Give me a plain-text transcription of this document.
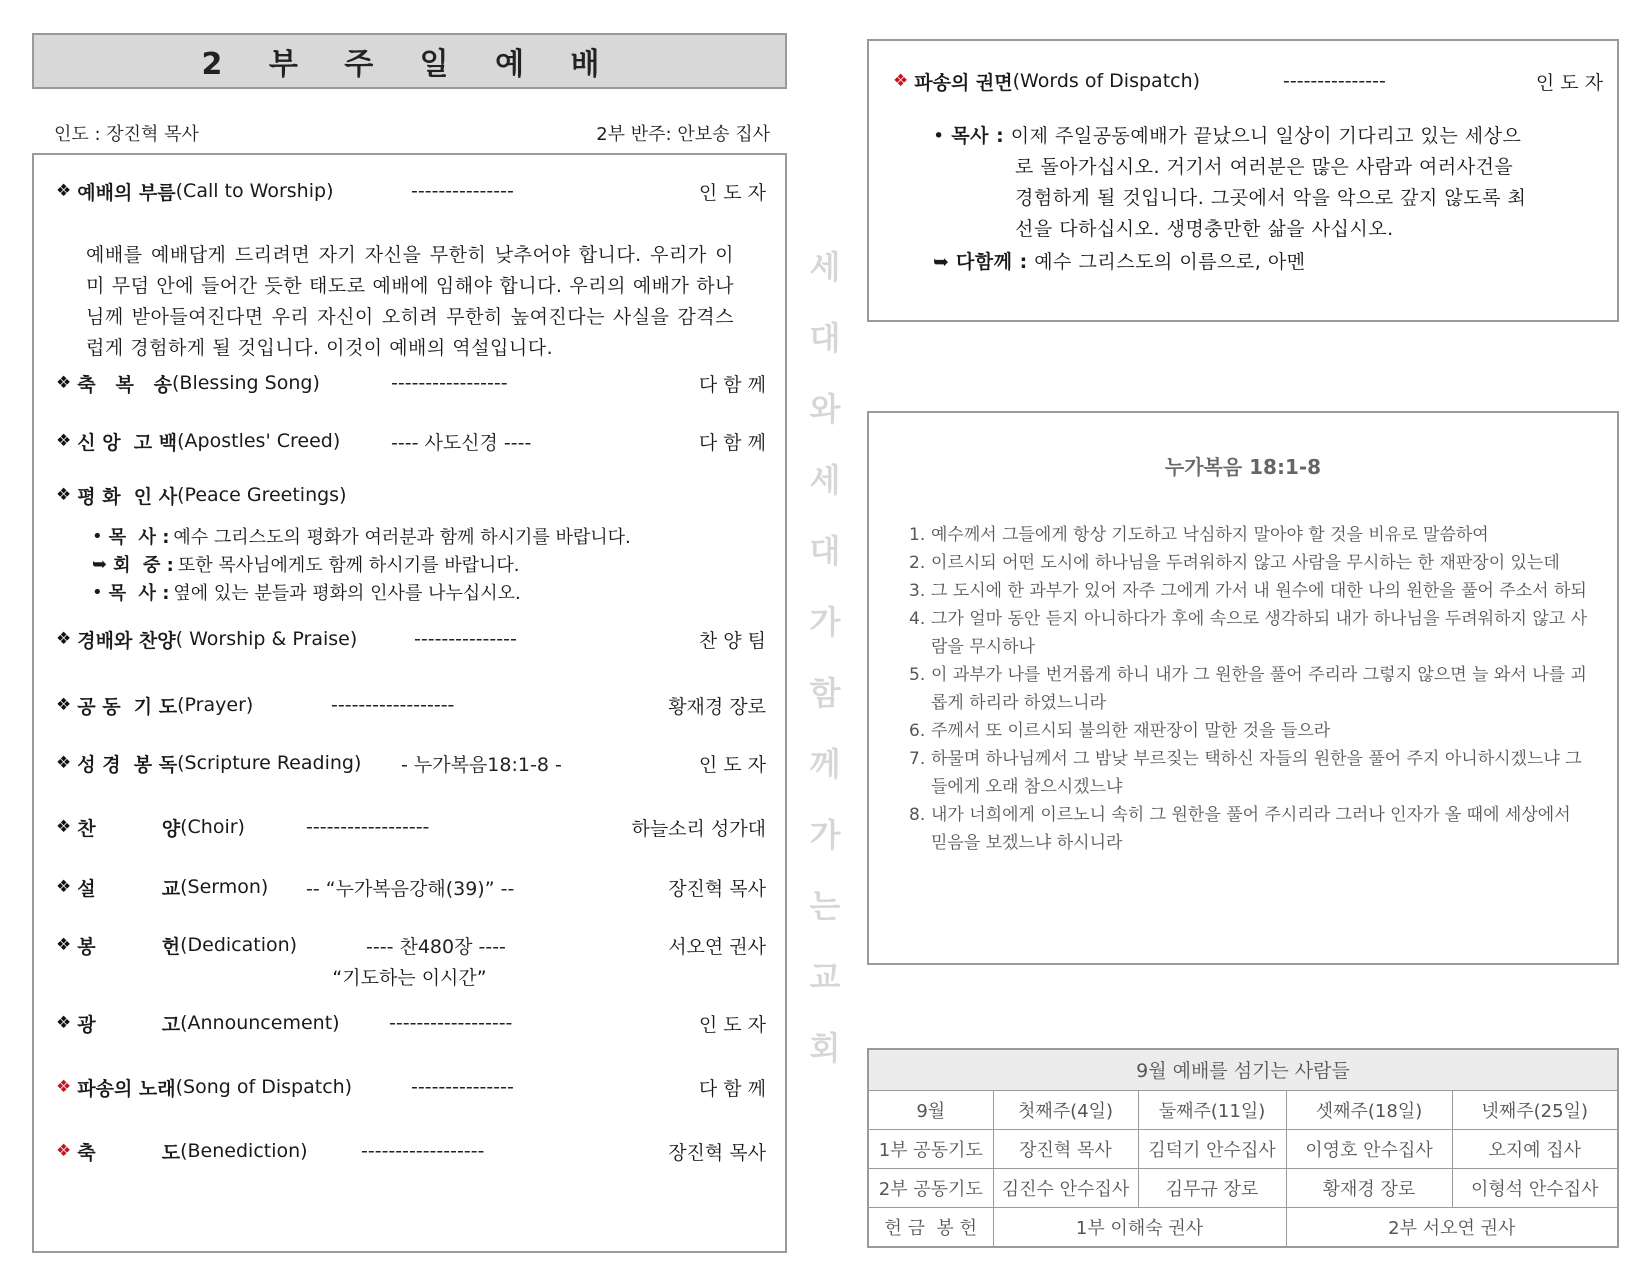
2 부 주 일 예 배
인도 : 장진혁 목사	2부 반주: 안보송 집사
❖ 예배의 부름 (Call to Worship)	---------------	인 도 자
예배를 예배답게 드리려면 자기 자신을 무한히 낮추어야 합니다. 우리가 이미 무덤 안에 들어간 듯한 태도로 예배에 임해야 합니다. 우리의 예배가 하나님께 받아들여진다면 우리 자신이 오히려 무한히 높여진다는 사실을 감격스럽게 경험하게 될 것입니다. 이것이 예배의 역설입니다.
❖ 축   복   송 (Blessing Song)	-----------------	다 함 께
❖ 신 앙  고 백 (Apostles' Creed)	---- 사도신경 ----	다 함 께
❖ 평 화  인 사 (Peace Greetings)
• 목  사 : 예수 그리스도의 평화가 여러분과 함께 하시기를 바랍니다.
➥ 회  중 : 또한 목사님에게도 함께 하시기를 바랍니다.
• 목  사 : 옆에 있는 분들과 평화의 인사를 나누십시오.
❖ 경배와 찬양 ( Worship & Praise)	---------------	찬 양 팀
❖ 공 동  기 도 (Prayer)	------------------	황재경 장로
❖ 성 경  봉 독 (Scripture Reading) - 누가복음18:1-8 -	인 도 자
❖ 찬          양 (Choir)	------------------	하늘소리 성가대
❖ 설          교 (Sermon) -- “누가복음강해(39)” --	장진혁 목사
❖ 봉          헌 (Dedication)	---- 찬480장 ----	서오연 권사
“기도하는 이시간”
❖ 광          고 (Announcement)	------------------	인 도 자
❖ 파송의 노래 (Song of Dispatch)	---------------	다 함 께
❖ 축          도 (Benediction)	------------------	장진혁 목사
세
대
와
세
대
가
함
께
가
는
교
회
❖ 파송의 권면 (Words of Dispatch)	---------------	인 도 자
• 목사 : 이제 주일공동예배가 끝났으니 일상이 기다리고 있는 세상으
로 돌아가십시오. 거기서 여러분은 많은 사람과 여러사건을
경험하게 될 것입니다. 그곳에서 악을 악으로 갚지 않도록 최
선을 다하십시오. 생명충만한 삶을 사십시오.
➥ 다함께 : 예수 그리스도의 이름으로, 아멘
누가복음 18:1-8
1. 예수께서 그들에게 항상 기도하고 낙심하지 말아야 할 것을 비유로 말씀하여
2. 이르시되 어떤 도시에 하나님을 두려워하지 않고 사람을 무시하는 한 재판장이 있는데
3. 그 도시에 한 과부가 있어 자주 그에게 가서 내 원수에 대한 나의 원한을 풀어 주소서 하되
4. 그가 얼마 동안 듣지 아니하다가 후에 속으로 생각하되 내가 하나님을 두려워하지 않고 사람을 무시하나
5. 이 과부가 나를 번거롭게 하니 내가 그 원한을 풀어 주리라 그렇지 않으면 늘 와서 나를 괴롭게 하리라 하였느니라
6. 주께서 또 이르시되 불의한 재판장이 말한 것을 들으라
7. 하물며 하나님께서 그 밤낮 부르짖는 택하신 자들의 원한을 풀어 주지 아니하시겠느냐 그들에게 오래 참으시겠느냐
8. 내가 너희에게 이르노니 속히 그 원한을 풀어 주시리라 그러나 인자가 올 때에 세상에서 믿음을 보겠느냐 하시니라
9월 예배를 섬기는 사람들				
9월	첫째주(4일)	둘째주(11일)	셋째주(18일)	넷째주(25일)
1부 공동기도	장진혁 목사	김덕기 안수집사	이영호 안수집사	오지예 집사
2부 공동기도	김진수 안수집사	김무규 장로	황재경 장로	이형석 안수집사
헌 금  봉 헌	1부 이해숙 권사		2부 서오연 권사	
